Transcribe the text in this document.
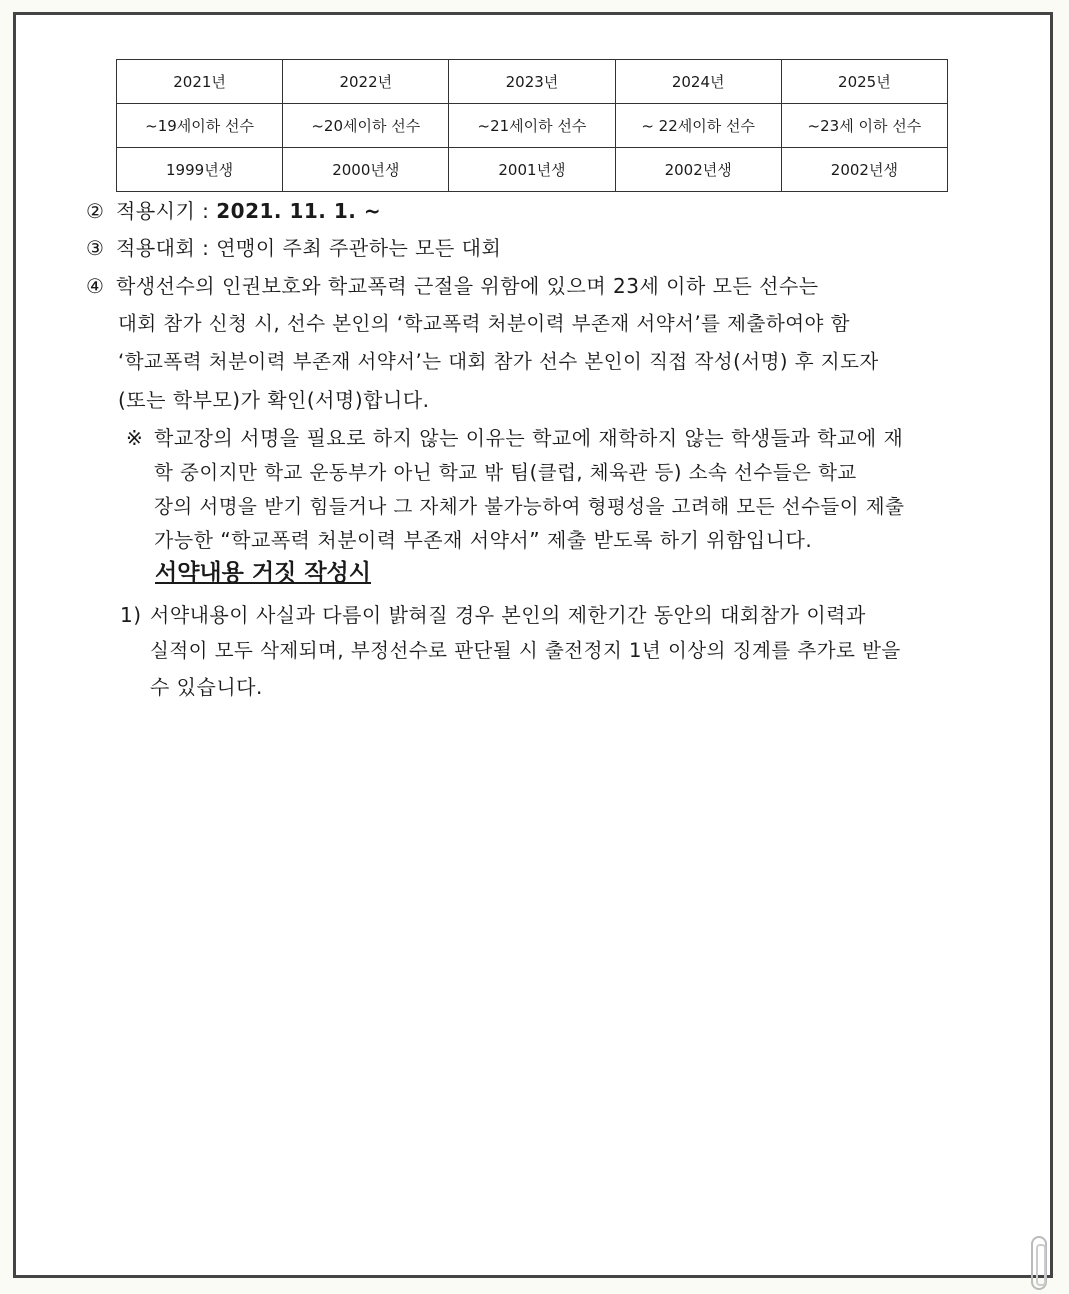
2021년	2022년	2023년	2024년	2025년
~19세이하 선수	~20세이하 선수	~21세이하 선수	~ 22세이하 선수	~23세 이하 선수
1999년생	2000년생	2001년생	2002년생	2002년생
② 적용시기 : 2021. 11. 1. ~
③ 적용대회 : 연맹이 주최 주관하는 모든 대회
④ 학생선수의 인권보호와 학교폭력 근절을 위함에 있으며 23세 이하 모든 선수는
대회 참가 신청 시, 선수 본인의 ‘학교폭력 처분이력 부존재 서약서’를 제출하여야 함
‘학교폭력 처분이력 부존재 서약서’는 대회 참가 선수 본인이 직접 작성(서명) 후 지도자
(또는 학부모)가 확인(서명)합니다.
※ 학교장의 서명을 필요로 하지 않는 이유는 학교에 재학하지 않는 학생들과 학교에 재
학 중이지만 학교 운동부가 아닌 학교 밖 팀(클럽, 체육관 등) 소속 선수들은 학교
장의 서명을 받기 힘들거나 그 자체가 불가능하여 형평성을 고려해 모든 선수들이 제출
가능한 “학교폭력 처분이력 부존재 서약서” 제출 받도록 하기 위함입니다.
서약내용 거짓 작성시
1) 서약내용이 사실과 다름이 밝혀질 경우 본인의 제한기간 동안의 대회참가 이력과
실적이 모두 삭제되며, 부정선수로 판단될 시 출전정지 1년 이상의 징계를 추가로 받을
수 있습니다.
